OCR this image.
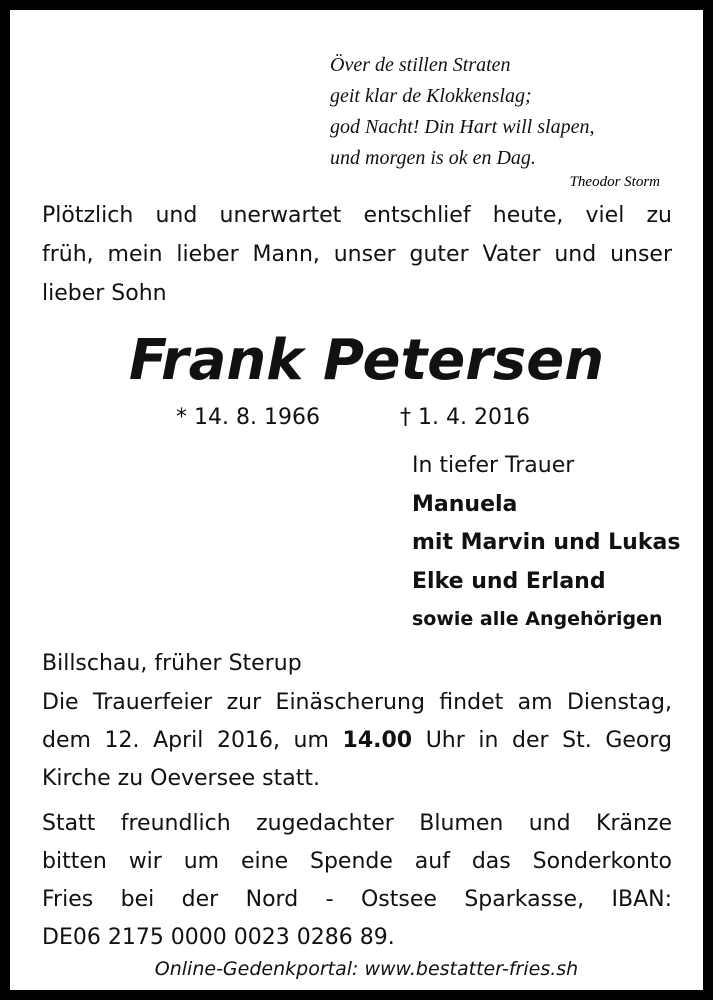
Över de stillen Straten
geit klar de Klokkenslag;
god Nacht! Din Hart will slapen,
und morgen is ok en Dag.
Theodor Storm
Plötzlich und unerwartet entschlief heute, viel zu
früh, mein lieber Mann, unser guter Vater und unser
lieber Sohn
Frank Petersen
* 14. 8. 1966	† 1. 4. 2016
In tiefer Trauer
Manuela
mit Marvin und Lukas
Elke und Erland
sowie alle Angehörigen
Billschau, früher Sterup
Die Trauerfeier zur Einäscherung findet am Dienstag,
dem 12. April 2016, um 14.00 Uhr in der St. Georg
Kirche zu Oeversee statt.
Statt freundlich zugedachter Blumen und Kränze
bitten wir um eine Spende auf das Sonderkonto
Fries bei der Nord - Ostsee Sparkasse, IBAN:
DE06 2175 0000 0023 0286 89.
Online-Gedenkportal: www.bestatter-fries.sh
